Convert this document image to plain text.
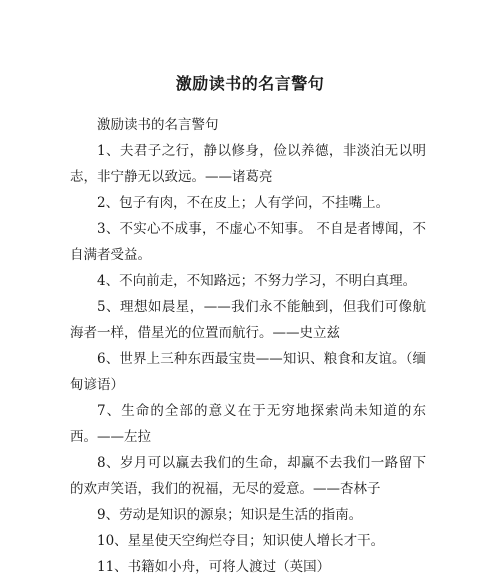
激励读书的名言警句

激励读书的名言警句

1、夫君子之行，静以修身，俭以养德，非淡泊无以明志，非宁静无以致远。——诸葛亮

2、包子有肉，不在皮上；人有学问，不挂嘴上。

3、不实心不成事，不虚心不知事。 不自是者博闻，不自满者受益。

4、不向前走，不知路远；不努力学习，不明白真理。

5、理想如晨星，——我们永不能触到，但我们可像航海者一样，借星光的位置而航行。——史立兹

6、世界上三种东西最宝贵——知识、粮食和友谊。（缅甸谚语）

7、生命的全部的意义在于无穷地探索尚未知道的东西。——左拉

8、岁月可以赢去我们的生命，却赢不去我们一路留下的欢声笑语，我们的祝福，无尽的爱意。——杏林子

9、劳动是知识的源泉；知识是生活的指南。

10、星星使天空绚烂夺目；知识使人增长才干。

11、书籍如小舟，可将人渡过（英国）
